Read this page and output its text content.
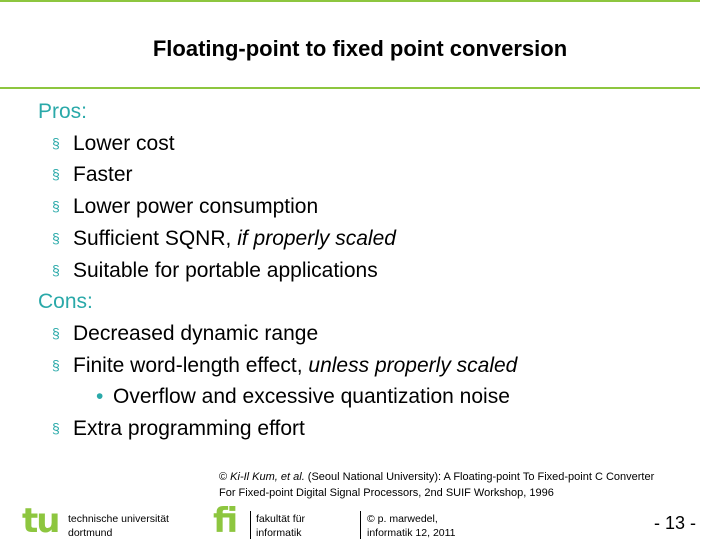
Floating-point to fixed point conversion
Pros:
§ Lower cost
§ Faster
§ Lower power consumption
§ Sufficient SQNR, if properly scaled
§ Suitable for portable applications
Cons:
§ Decreased dynamic range
§ Finite word-length effect, unless properly scaled
• Overflow and excessive quantization noise
§ Extra programming effort
© Ki-Il Kum, et al. (Seoul National University): A Floating-point To Fixed-point C Converter
For Fixed-point Digital Signal Processors, 2nd SUIF Workshop, 1996
tu technische universität
dortmund	fi fakultät für
informatik
© p. marwedel,
informatik 12, 2011	- 13 -
